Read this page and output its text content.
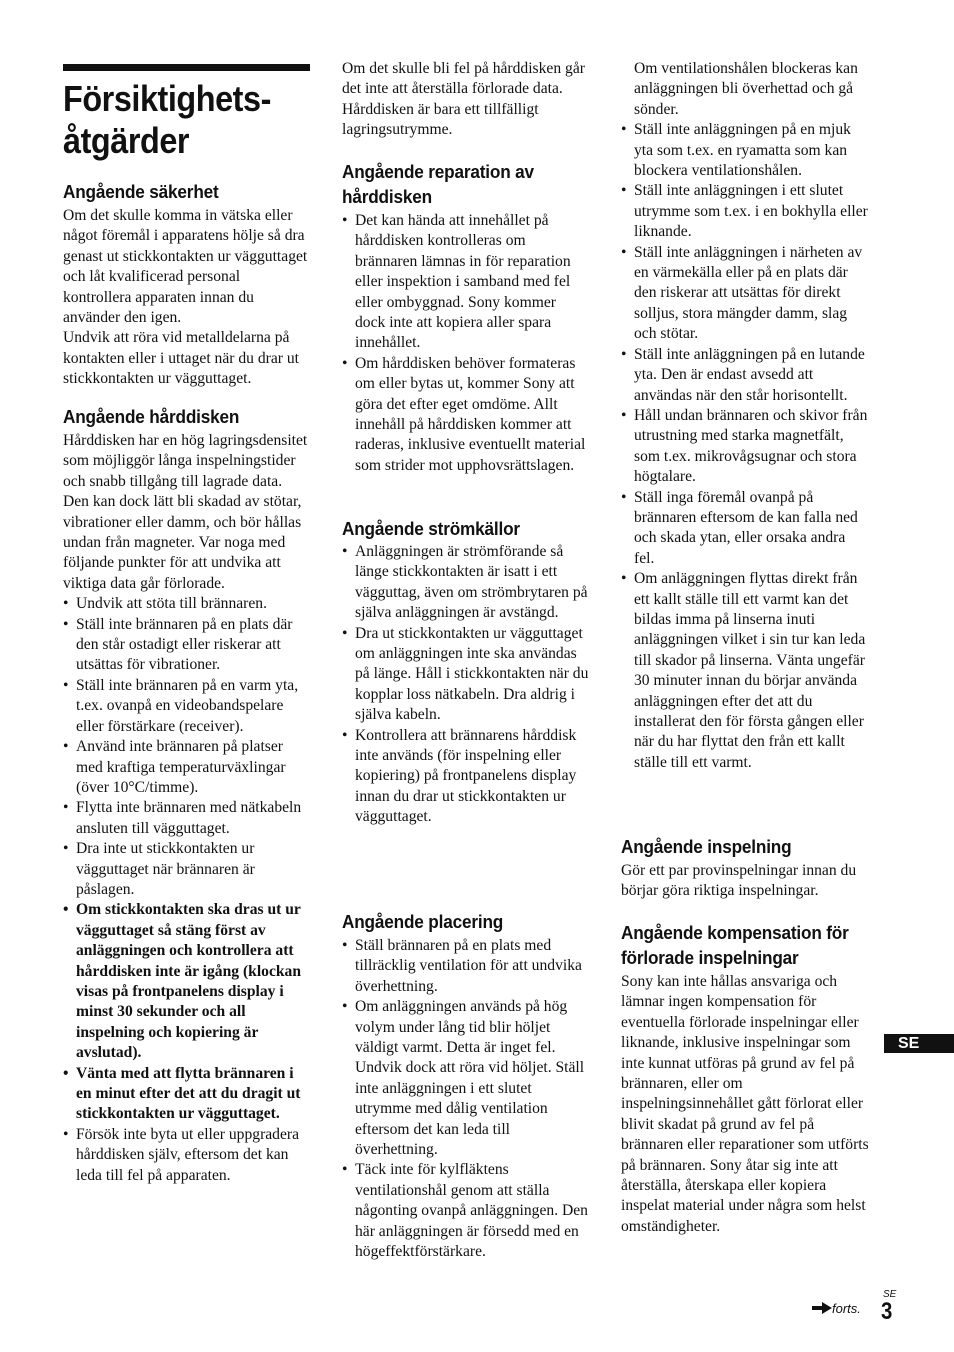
Försiktighets-
åtgärder
Angående säkerhet

Om det skulle komma in vätska eller något föremål i apparatens hölje så dra genast ut stickkontakten ur vägguttaget och låt kvalificerad personal kontrollera apparaten innan du använder den igen.

Undvik att röra vid metalldelarna på kontakten eller i uttaget när du drar ut stickkontakten ur vägguttaget.

Angående hårddisken

Hårddisken har en hög lagringsdensitet som möjliggör långa inspelningstider och snabb tillgång till lagrade data. Den kan dock lätt bli skadad av stötar, vibrationer eller damm, och bör hållas undan från magneter. Var noga med följande punkter för att undvika att viktiga data går förlorade.

• Undvik att stöta till brännaren.
• Ställ inte brännaren på en plats där den står ostadigt eller riskerar att utsättas för vibrationer.
• Ställ inte brännaren på en varm yta, t.ex. ovanpå en videobandspelare eller förstärkare (receiver).
• Använd inte brännaren på platser med kraftiga temperaturväxlingar (över 10°C/timme).
• Flytta inte brännaren med nätkabeln ansluten till vägguttaget.
• Dra inte ut stickkontakten ur vägguttaget när brännaren är påslagen.
• Om stickkontakten ska dras ut ur vägguttaget så stäng först av anläggningen och kontrollera att hårddisken inte är igång (klockan visas på frontpanelens display i minst 30 sekunder och all inspelning och kopiering är avslutad).
• Vänta med att flytta brännaren i en minut efter det att du dragit ut stickkontakten ur vägguttaget.
• Försök inte byta ut eller uppgradera hårddisken själv, eftersom det kan leda till fel på apparaten.

Om det skulle bli fel på hårddisken går det inte att återställa förlorade data. Hårddisken är bara ett tillfälligt lagringsutrymme.

Angående reparation av
hårddisken
• Det kan hända att innehållet på hårddisken kontrolleras om brännaren lämnas in för reparation eller inspektion i samband med fel eller ombyggnad. Sony kommer dock inte att kopiera aller spara innehållet.
• Om hårddisken behöver formateras om eller bytas ut, kommer Sony att göra det efter eget omdöme. Allt innehåll på hårddisken kommer att raderas, inklusive eventuellt material som strider mot upphovsrättslagen.
Angående strömkällor
• Anläggningen är strömförande så länge stickkontakten är isatt i ett vägguttag, även om strömbrytaren på själva anläggningen är avstängd.
• Dra ut stickkontakten ur vägguttaget om anläggningen inte ska användas på länge. Håll i stickkontakten när du kopplar loss nätkabeln. Dra aldrig i själva kabeln.
• Kontrollera att brännarens hårddisk inte används (för inspelning eller kopiering) på frontpanelens display innan du drar ut stickkontakten ur vägguttaget.
Angående placering
• Ställ brännaren på en plats med tillräcklig ventilation för att undvika överhettning.
• Om anläggningen används på hög volym under lång tid blir höljet väldigt varmt. Detta är inget fel. Undvik dock att röra vid höljet. Ställ inte anläggningen i ett slutet utrymme med dålig ventilation eftersom det kan leda till överhettning.
• Täck inte för kylfläktens ventilationshål genom att ställa någonting ovanpå anläggningen. Den här anläggningen är försedd med en högeffektförstärkare.
Om ventilationshålen blockeras kan anläggningen bli överhettad och gå sönder.
• Ställ inte anläggningen på en mjuk yta som t.ex. en ryamatta som kan blockera ventilationshålen.
• Ställ inte anläggningen i ett slutet utrymme som t.ex. i en bokhylla eller liknande.
• Ställ inte anläggningen i närheten av en värmekälla eller på en plats där den riskerar att utsättas för direkt solljus, stora mängder damm, slag och stötar.
• Ställ inte anläggningen på en lutande yta. Den är endast avsedd att användas när den står horisontellt.
• Håll undan brännaren och skivor från utrustning med starka magnetfält, som t.ex. mikrovågsugnar och stora högtalare.
• Ställ inga föremål ovanpå på brännaren eftersom de kan falla ned och skada ytan, eller orsaka andra fel.
• Om anläggningen flyttas direkt från ett kallt ställe till ett varmt kan det bildas imma på linserna inuti anläggningen vilket i sin tur kan leda till skador på linserna. Vänta ungefär 30 minuter innan du börjar använda anläggningen efter det att du installerat den för första gången eller när du har flyttat den från ett kallt ställe till ett varmt.
Angående inspelning

Gör ett par provinspelningar innan du börjar göra riktiga inspelningar.

Angående kompensation för
förlorade inspelningar

Sony kan inte hållas ansvariga och lämnar ingen kompensation för eventuella förlorade inspelningar eller liknande, inklusive inspelningar som inte kunnat utföras på grund av fel på brännaren, eller om inspelningsinnehållet gått förlorat eller blivit skadat på grund av fel på brännaren eller reparationer som utförts på brännaren. Sony åtar sig inte att återställa, återskapa eller kopiera inspelat material under några som helst omständigheter.

SE
forts.
SE
3
